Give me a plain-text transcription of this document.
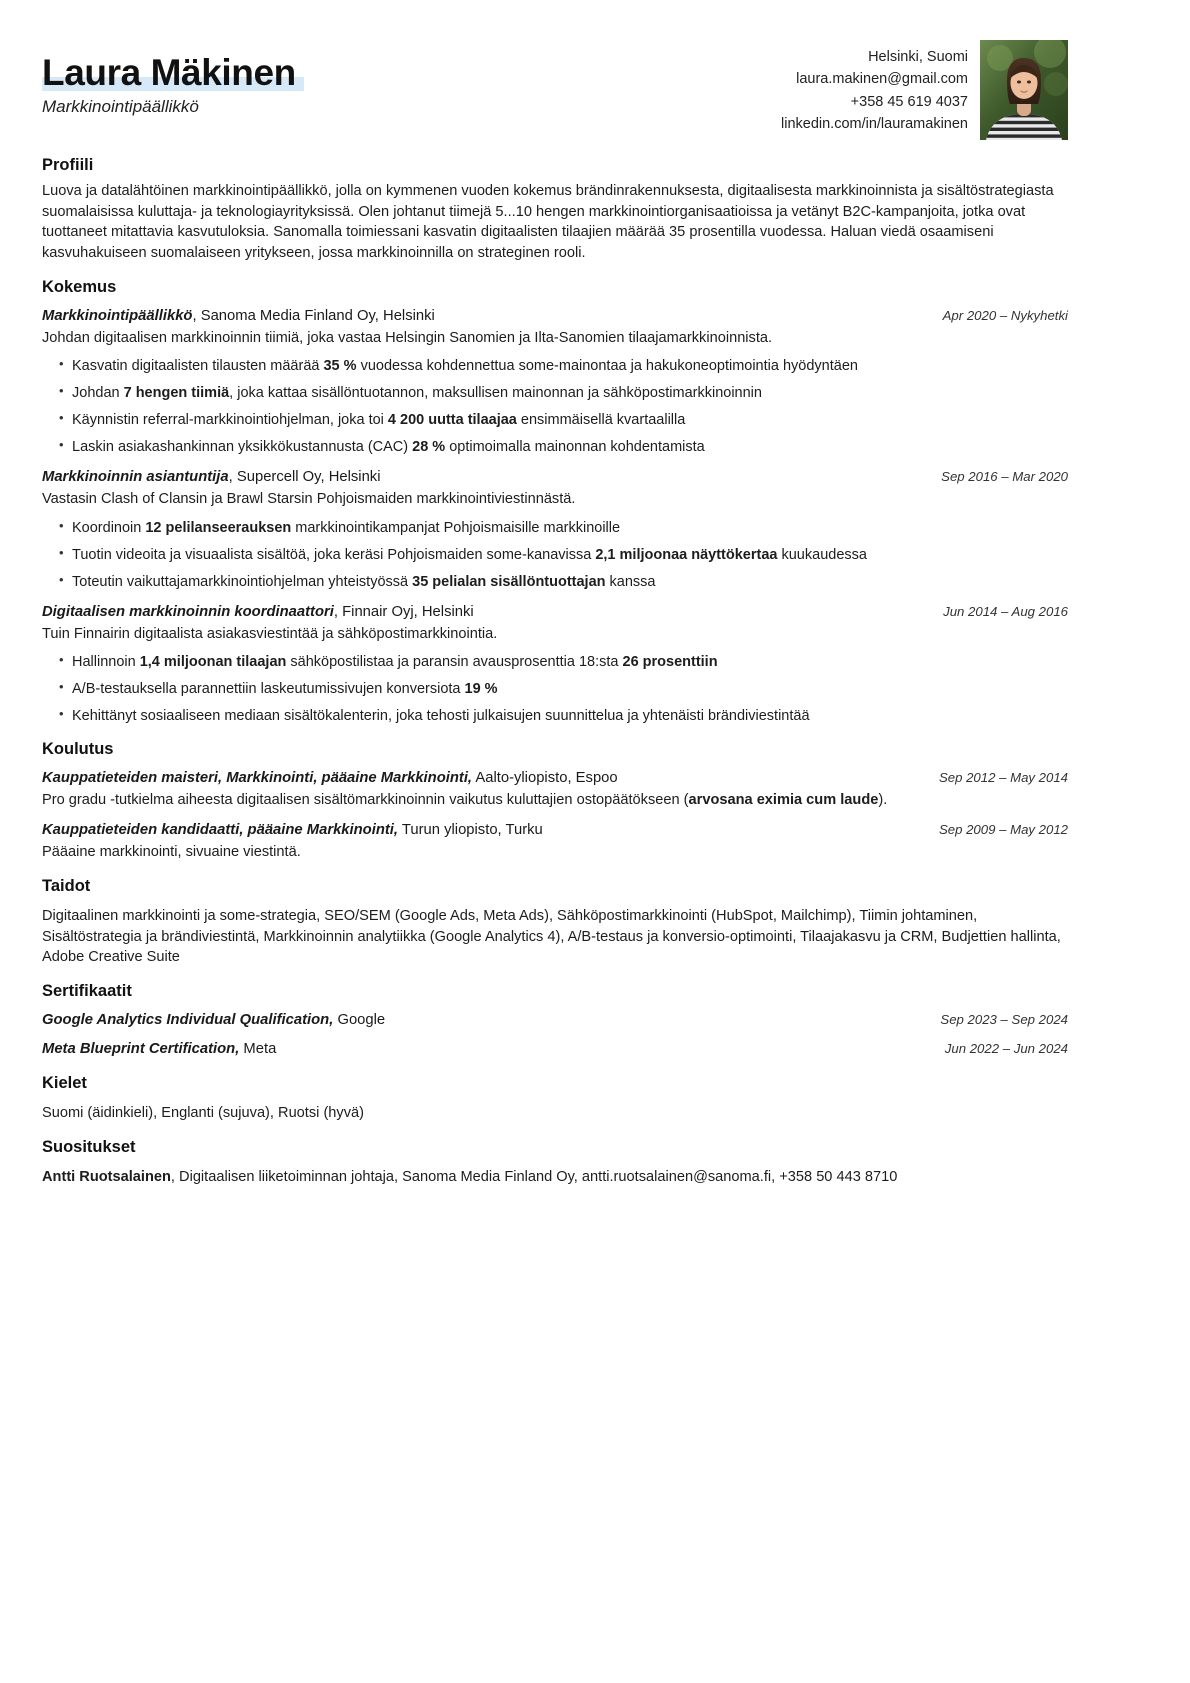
Laura Mäkinen
Markkinointipäällikkö
Helsinki, Suomi
laura.makinen@gmail.com
+358 45 619 4037
linkedin.com/in/lauramakinen
Profiili

Luova ja datalähtöinen markkinointipäällikkö, jolla on kymmenen vuoden kokemus brändinrakennuksesta, digitaalisesta markkinoinnista ja sisältöstrategiasta suomalaisissa kuluttaja- ja teknologiayrityksissä. Olen johtanut tiimejä 5...10 hengen markkinointiorganisaatioissa ja vetänyt B2C-kampanjoita, jotka ovat tuottaneet mitattavia kasvutuloksia. Sanomalla toimiessani kasvatin digitaalisten tilaajien määrää 35 prosentilla vuodessa. Haluan viedä osaamiseni kasvuhakuiseen suomalaiseen yritykseen, jossa markkinoinnilla on strateginen rooli.

Kokemus
Markkinointipäällikkö, Sanoma Media Finland Oy, Helsinki	Apr 2020 – Nykyhetki
Johdan digitaalisen markkinoinnin tiimiä, joka vastaa Helsingin Sanomien ja Ilta-Sanomien tilaajamarkkinoinnista.
• Kasvatin digitaalisten tilausten määrää 35 % vuodessa kohdennettua some-mainontaa ja hakukoneoptimointia hyödyntäen
• Johdan 7 hengen tiimiä, joka kattaa sisällöntuotannon, maksullisen mainonnan ja sähköpostimarkkinoinnin
• Käynnistin referral-markkinointiohjelman, joka toi 4 200 uutta tilaajaa ensimmäisellä kvartaalilla
• Laskin asiakashankinnan yksikkökustannusta (CAC) 28 % optimoimalla mainonnan kohdentamista
Markkinoinnin asiantuntija, Supercell Oy, Helsinki	Sep 2016 – Mar 2020
Vastasin Clash of Clansin ja Brawl Starsin Pohjoismaiden markkinointiviestinnästä.
• Koordinoin 12 pelilanseerauksen markkinointikampanjat Pohjoismaisille markkinoille
• Tuotin videoita ja visuaalista sisältöä, joka keräsi Pohjoismaiden some-kanavissa 2,1 miljoonaa näyttökertaa kuukaudessa
• Toteutin vaikuttajamarkkinointiohjelman yhteistyössä 35 pelialan sisällöntuottajan kanssa
Digitaalisen markkinoinnin koordinaattori, Finnair Oyj, Helsinki	Jun 2014 – Aug 2016
Tuin Finnairin digitaalista asiakasviestintää ja sähköpostimarkkinointia.
• Hallinnoin 1,4 miljoonan tilaajan sähköpostilistaa ja paransin avausprosenttia 18:sta 26 prosenttiin
• A/B-testauksella parannettiin laskeutumissivujen konversiota 19 %
• Kehittänyt sosiaaliseen mediaan sisältökalenterin, joka tehosti julkaisujen suunnittelua ja yhtenäisti brändiviestintää
Koulutus
Kauppatieteiden maisteri, Markkinointi, pääaine Markkinointi, Aalto-yliopisto, Espoo	Sep 2012 – May 2014
Pro gradu -tutkielma aiheesta digitaalisen sisältömarkkinoinnin vaikutus kuluttajien ostopäätökseen (arvosana eximia cum laude).
Kauppatieteiden kandidaatti, pääaine Markkinointi, Turun yliopisto, Turku	Sep 2009 – May 2012
Pääaine markkinointi, sivuaine viestintä.
Taidot

Digitaalinen markkinointi ja some-strategia, SEO/SEM (Google Ads, Meta Ads), Sähköpostimarkkinointi (HubSpot, Mailchimp), Tiimin johtaminen, Sisältöstrategia ja brändiviestintä, Markkinoinnin analytiikka (Google Analytics 4), A/B-testaus ja konversio-optimointi, Tilaajakasvu ja CRM, Budjettien hallinta, Adobe Creative Suite

Sertifikaatit
Google Analytics Individual Qualification, Google	Sep 2023 – Sep 2024
Meta Blueprint Certification, Meta	Jun 2022 – Jun 2024
Kielet

Suomi (äidinkieli), Englanti (sujuva), Ruotsi (hyvä)

Suositukset

Antti Ruotsalainen, Digitaalisen liiketoiminnan johtaja, Sanoma Media Finland Oy, antti.ruotsalainen@sanoma.fi, +358 50 443 8710
